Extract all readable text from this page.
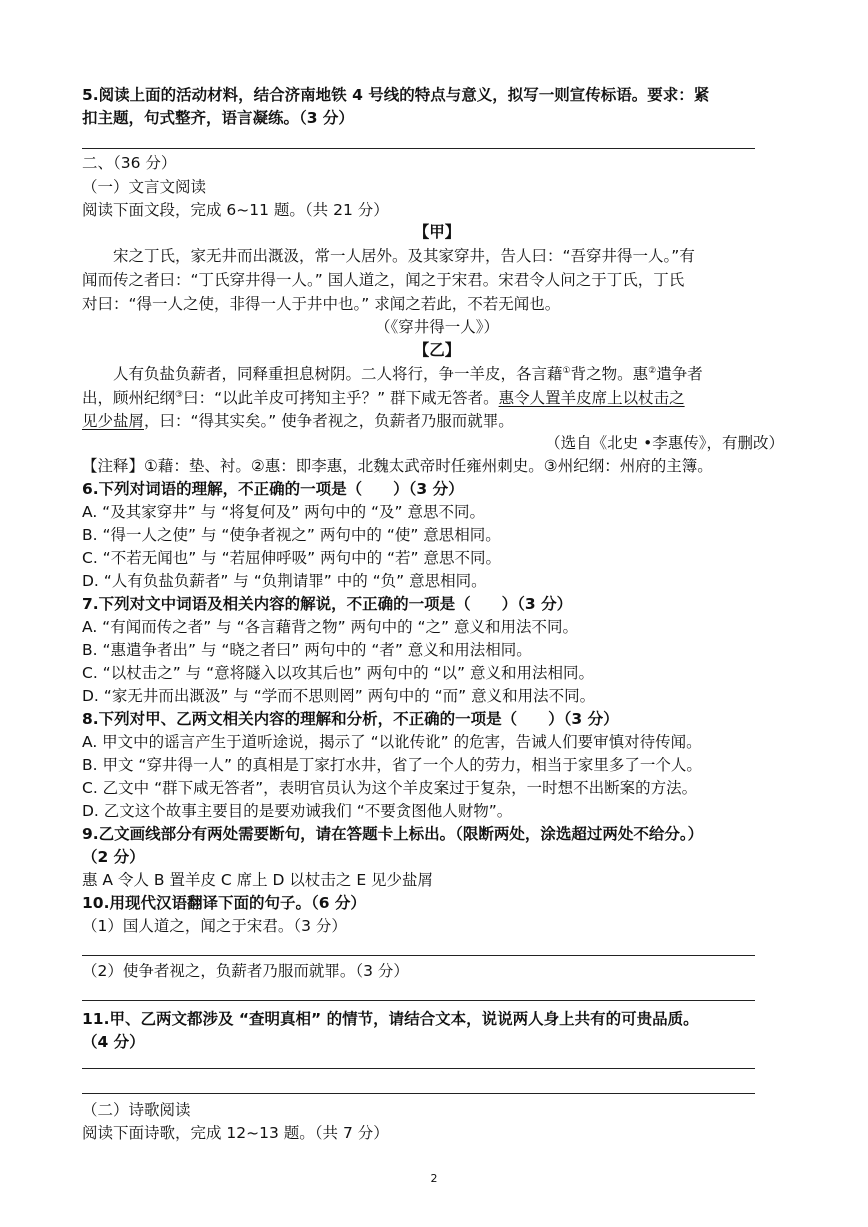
5.阅读上面的活动材料，结合济南地铁 4 号线的特点与意义，拟写一则宣传标语。要求：紧
扣主题，句式整齐，语言凝练。（3 分）
二、（36 分）
（一）文言文阅读
阅读下面文段，完成 6~11 题。（共 21 分）
【甲】
宋之丁氏，家无井而出溉汲，常一人居外。及其家穿井，告人曰：“吾穿井得一人。”有
闻而传之者曰：“丁氏穿井得一人。” 国人道之，闻之于宋君。宋君令人问之于丁氏，丁氏
对曰：“得一人之使，非得一人于井中也。” 求闻之若此，不若无闻也。
（《穿井得一人》）
【乙】
人有负盐负薪者，同释重担息树阴。二人将行，争一羊皮，各言藉①背之物。惠②遣争者
出，顾州纪纲③曰：“以此羊皮可拷知主乎？” 群下咸无答者。惠令人置羊皮席上以杖击之
见少盐屑，曰：“得其实矣。” 使争者视之，负薪者乃服而就罪。
（选自《北史 •李惠传》，有删改）
【注释】①藉：垫、衬。②惠：即李惠，北魏太武帝时任雍州刺史。③州纪纲：州府的主簿。
6.下列对词语的理解，不正确的一项是（　　）（3 分）
A. “及其家穿井” 与 “将复何及” 两句中的 “及” 意思不同。
B. “得一人之使” 与 “使争者视之” 两句中的 “使” 意思相同。
C. “不若无闻也” 与 “若屈伸呼吸” 两句中的 “若” 意思不同。
D. “人有负盐负薪者” 与 “负荆请罪” 中的 “负” 意思相同。
7.下列对文中词语及相关内容的解说，不正确的一项是（　　）（3 分）
A. “有闻而传之者” 与 “各言藉背之物” 两句中的 “之” 意义和用法不同。
B. “惠遣争者出” 与 “晓之者曰” 两句中的 “者” 意义和用法相同。
C. “以杖击之” 与 “意将隧入以攻其后也” 两句中的 “以” 意义和用法相同。
D. “家无井而出溉汲” 与 “学而不思则罔” 两句中的 “而” 意义和用法不同。
8.下列对甲、乙两文相关内容的理解和分析，不正确的一项是（　　）（3 分）
A. 甲文中的谣言产生于道听途说，揭示了 “以讹传讹” 的危害，告诫人们要审慎对待传闻。
B. 甲文 “穿井得一人” 的真相是丁家打水井，省了一个人的劳力，相当于家里多了一个人。
C. 乙文中 “群下咸无答者”，表明官员认为这个羊皮案过于复杂，一时想不出断案的方法。
D. 乙文这个故事主要目的是要劝诫我们 “不要贪图他人财物”。
9.乙文画线部分有两处需要断句，请在答题卡上标出。（限断两处，涂选超过两处不给分。）
（2 分）
惠 A 令人 B 置羊皮 C 席上 D 以杖击之 E 见少盐屑
10.用现代汉语翻译下面的句子。（6 分）
（1）国人道之，闻之于宋君。（3 分）
（2）使争者视之，负薪者乃服而就罪。（3 分）
11.甲、乙两文都涉及 “查明真相” 的情节，请结合文本，说说两人身上共有的可贵品质。
（4 分）
（二）诗歌阅读
阅读下面诗歌，完成 12~13 题。（共 7 分）
2
